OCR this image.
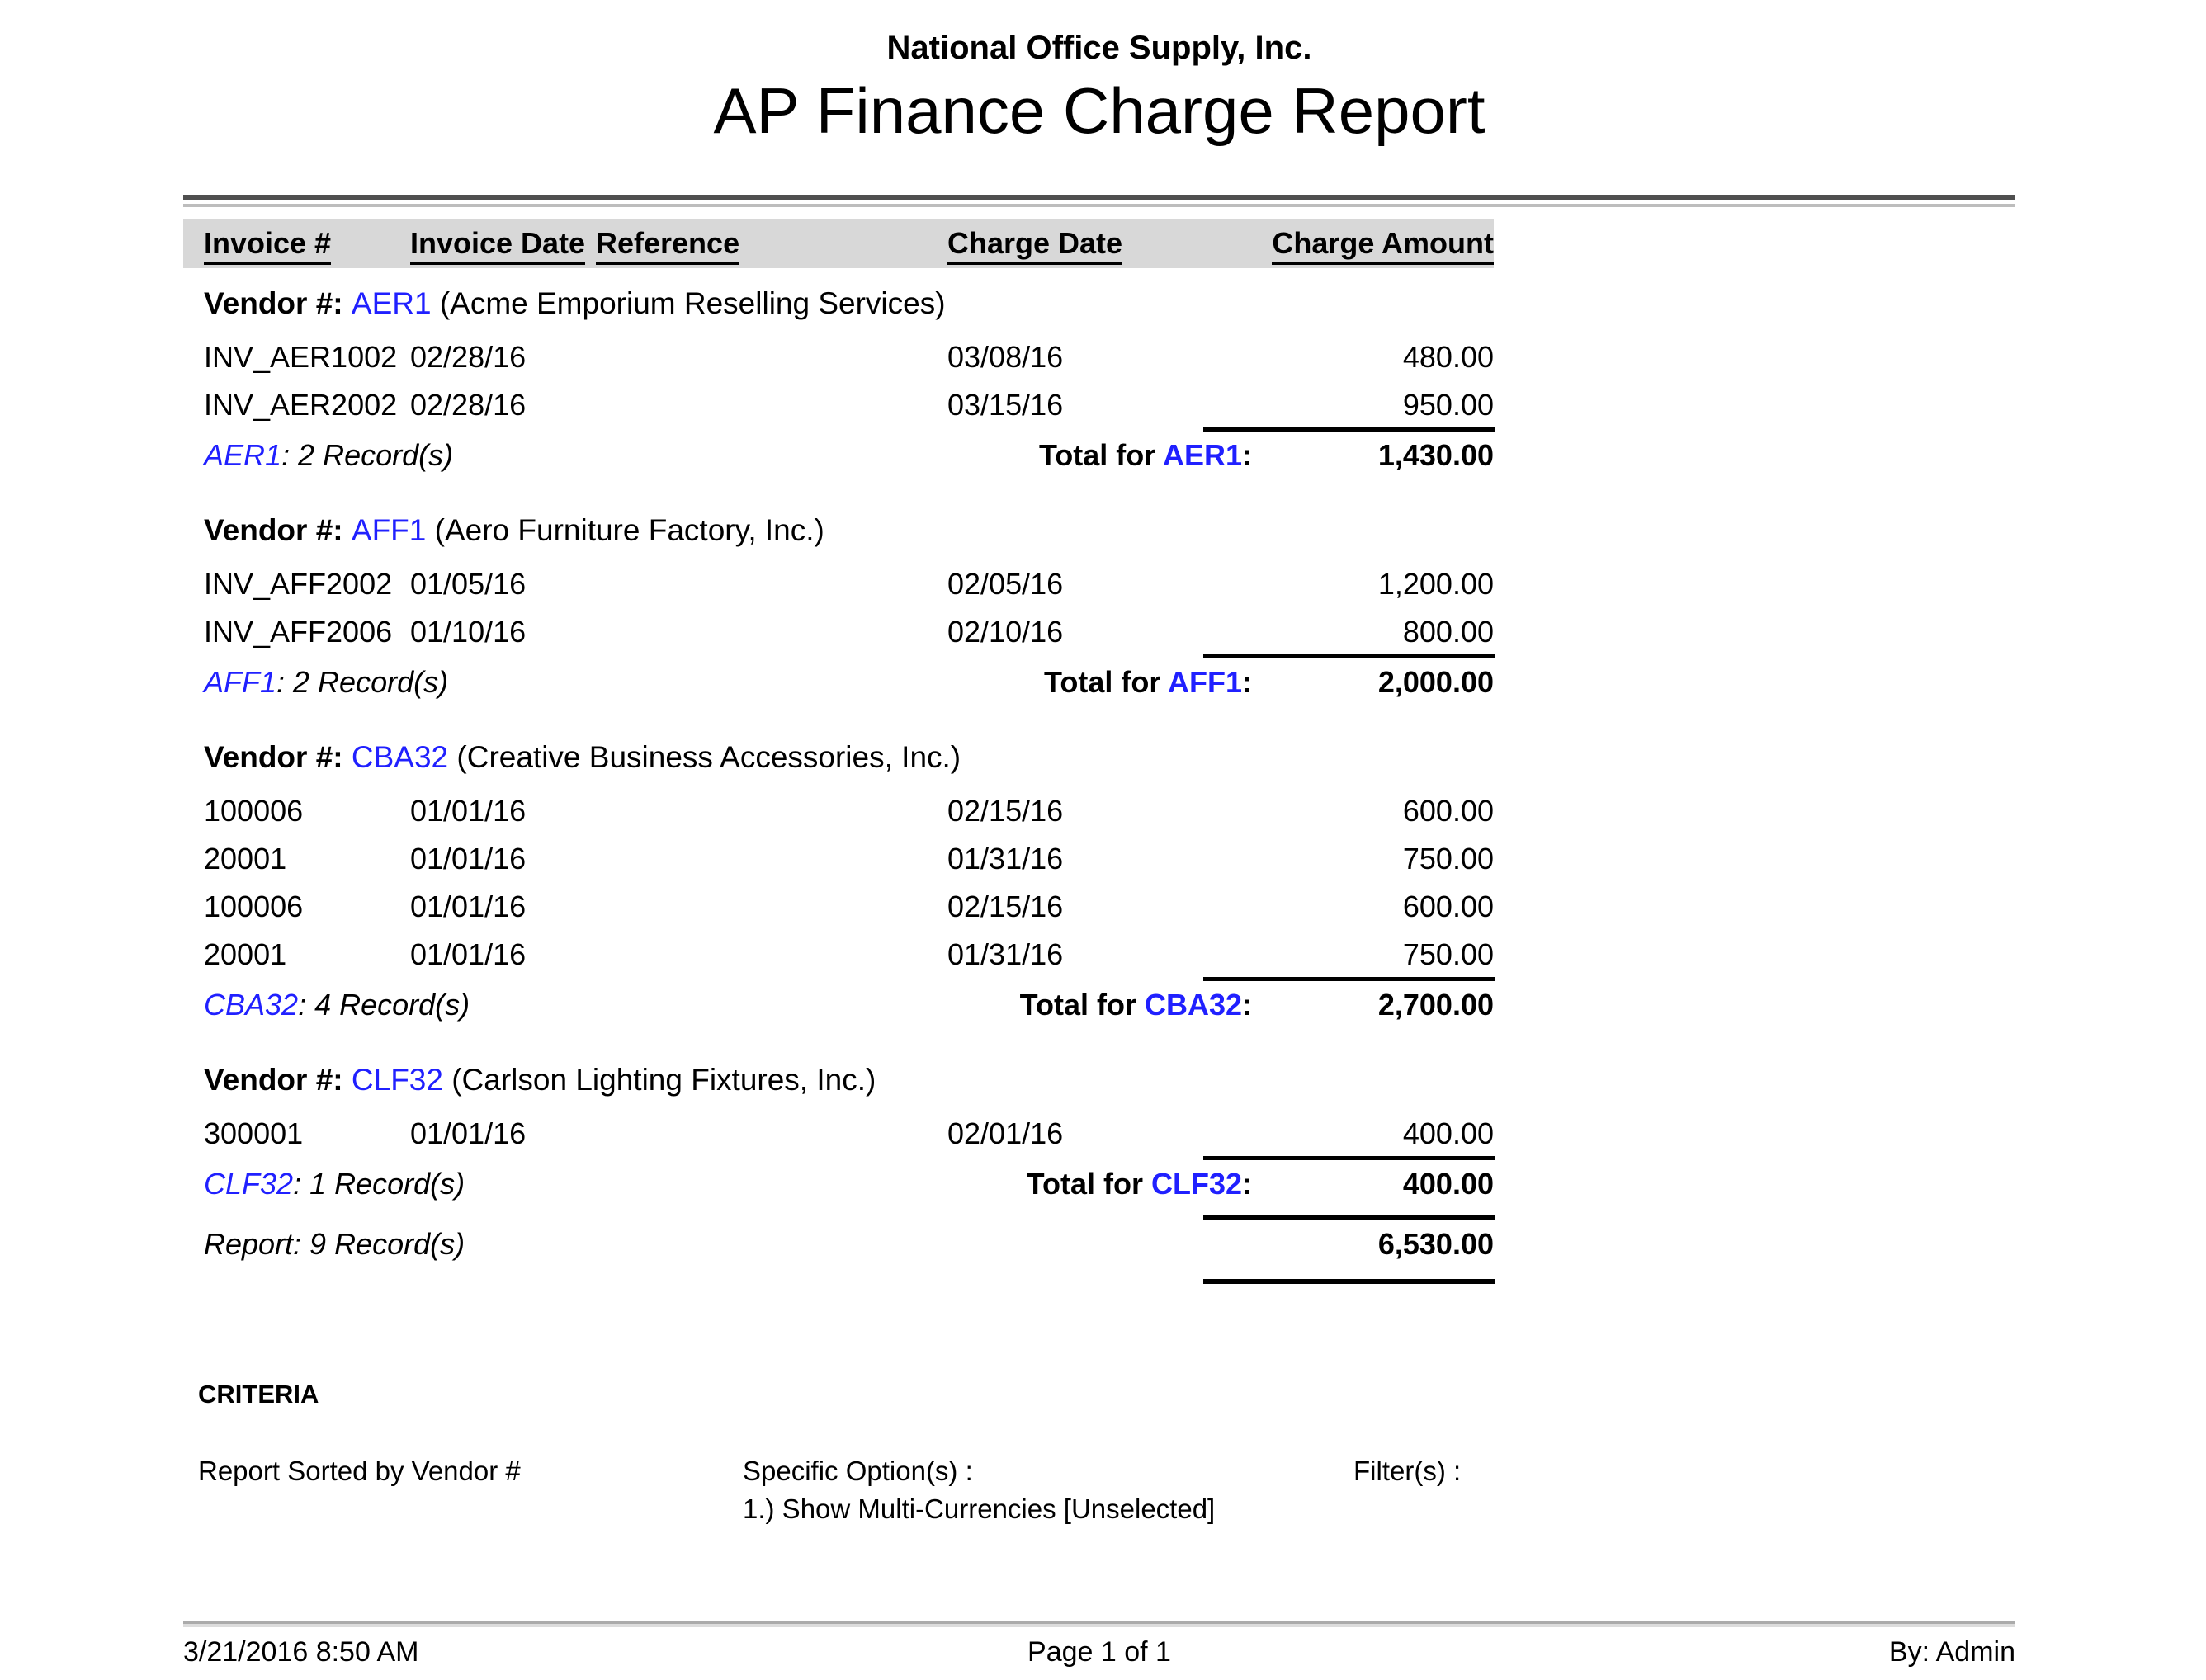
National Office Supply, Inc.
AP Finance Charge Report
Invoice #	Invoice Date Reference	Charge Date	Charge Amount
Vendor #: AER1 (Acme Emporium Reselling Services)
INV_AER1002 02/28/16	03/08/16	480.00
INV_AER2002 02/28/16	03/15/16	950.00
AER1: 2 Record(s)	Total for AER1:	1,430.00
Vendor #: AFF1 (Aero Furniture Factory, Inc.)
INV_AFF2002 01/05/16	02/05/16	1,200.00
INV_AFF2006 01/10/16	02/10/16	800.00
AFF1: 2 Record(s)	Total for AFF1:	2,000.00
Vendor #: CBA32 (Creative Business Accessories, Inc.)
100006	01/01/16	02/15/16	600.00
20001	01/01/16	01/31/16	750.00
100006	01/01/16	02/15/16	600.00
20001	01/01/16	01/31/16	750.00
CBA32: 4 Record(s)	Total for CBA32:	2,700.00
Vendor #: CLF32 (Carlson Lighting Fixtures, Inc.)
300001	01/01/16	02/01/16	400.00
CLF32: 1 Record(s)	Total for CLF32:	400.00
Report: 9 Record(s)	6,530.00
CRITERIA
Report Sorted by Vendor #	Specific Option(s) :
1.) Show Multi-Currencies [Unselected]
Filter(s) :
3/21/2016 8:50 AM	Page 1 of 1	By: Admin
